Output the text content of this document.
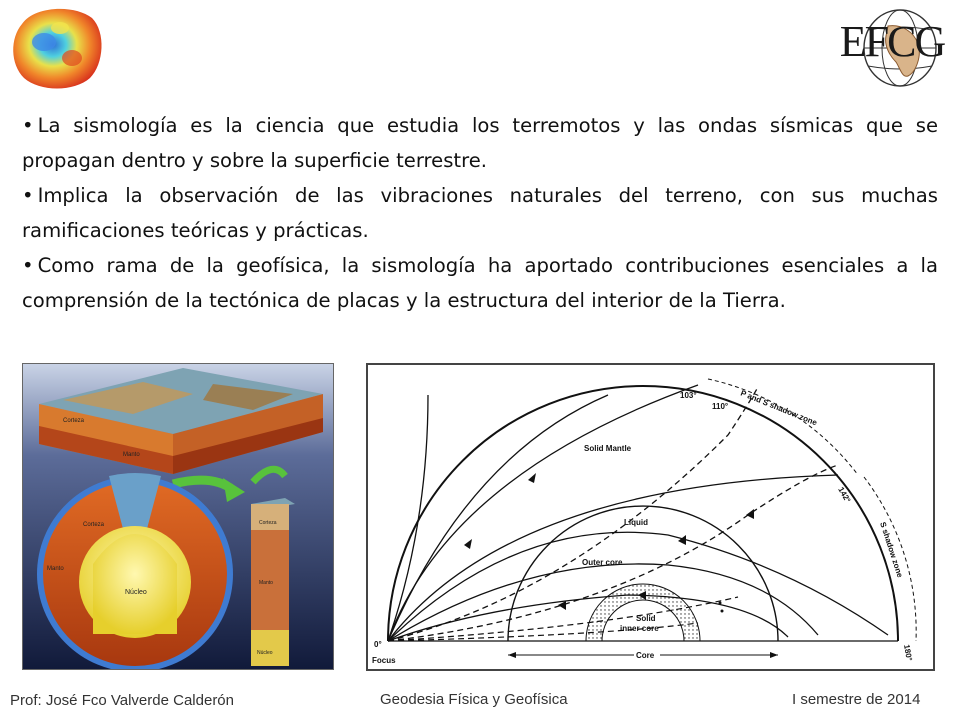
EFCG

• La sismología es la ciencia que estudia los terremotos y las ondas sísmicas que se propagan dentro y sobre la superficie terrestre.

• Implica la observación de las vibraciones naturales del terreno, con sus muchas ramificaciones teóricas y prácticas.

• Como rama de la geofísica, la sismología ha aportado contribuciones esenciales a la comprensión de la tectónica de placas y la estructura del interior de la Tierra.

Corteza
Manto
Corteza
Manto
Núcleo
Corteza
Manto
Núcleo
103°
110°
142°
P and S shadow zone
S shadow zone
Solid Mantle
Liquid
Outer core
Solid
inner core
0°	180°
Focus
Core
Prof: José Fco Valverde Calderón	Geodesia Física y Geofísica	I semestre de 2014
